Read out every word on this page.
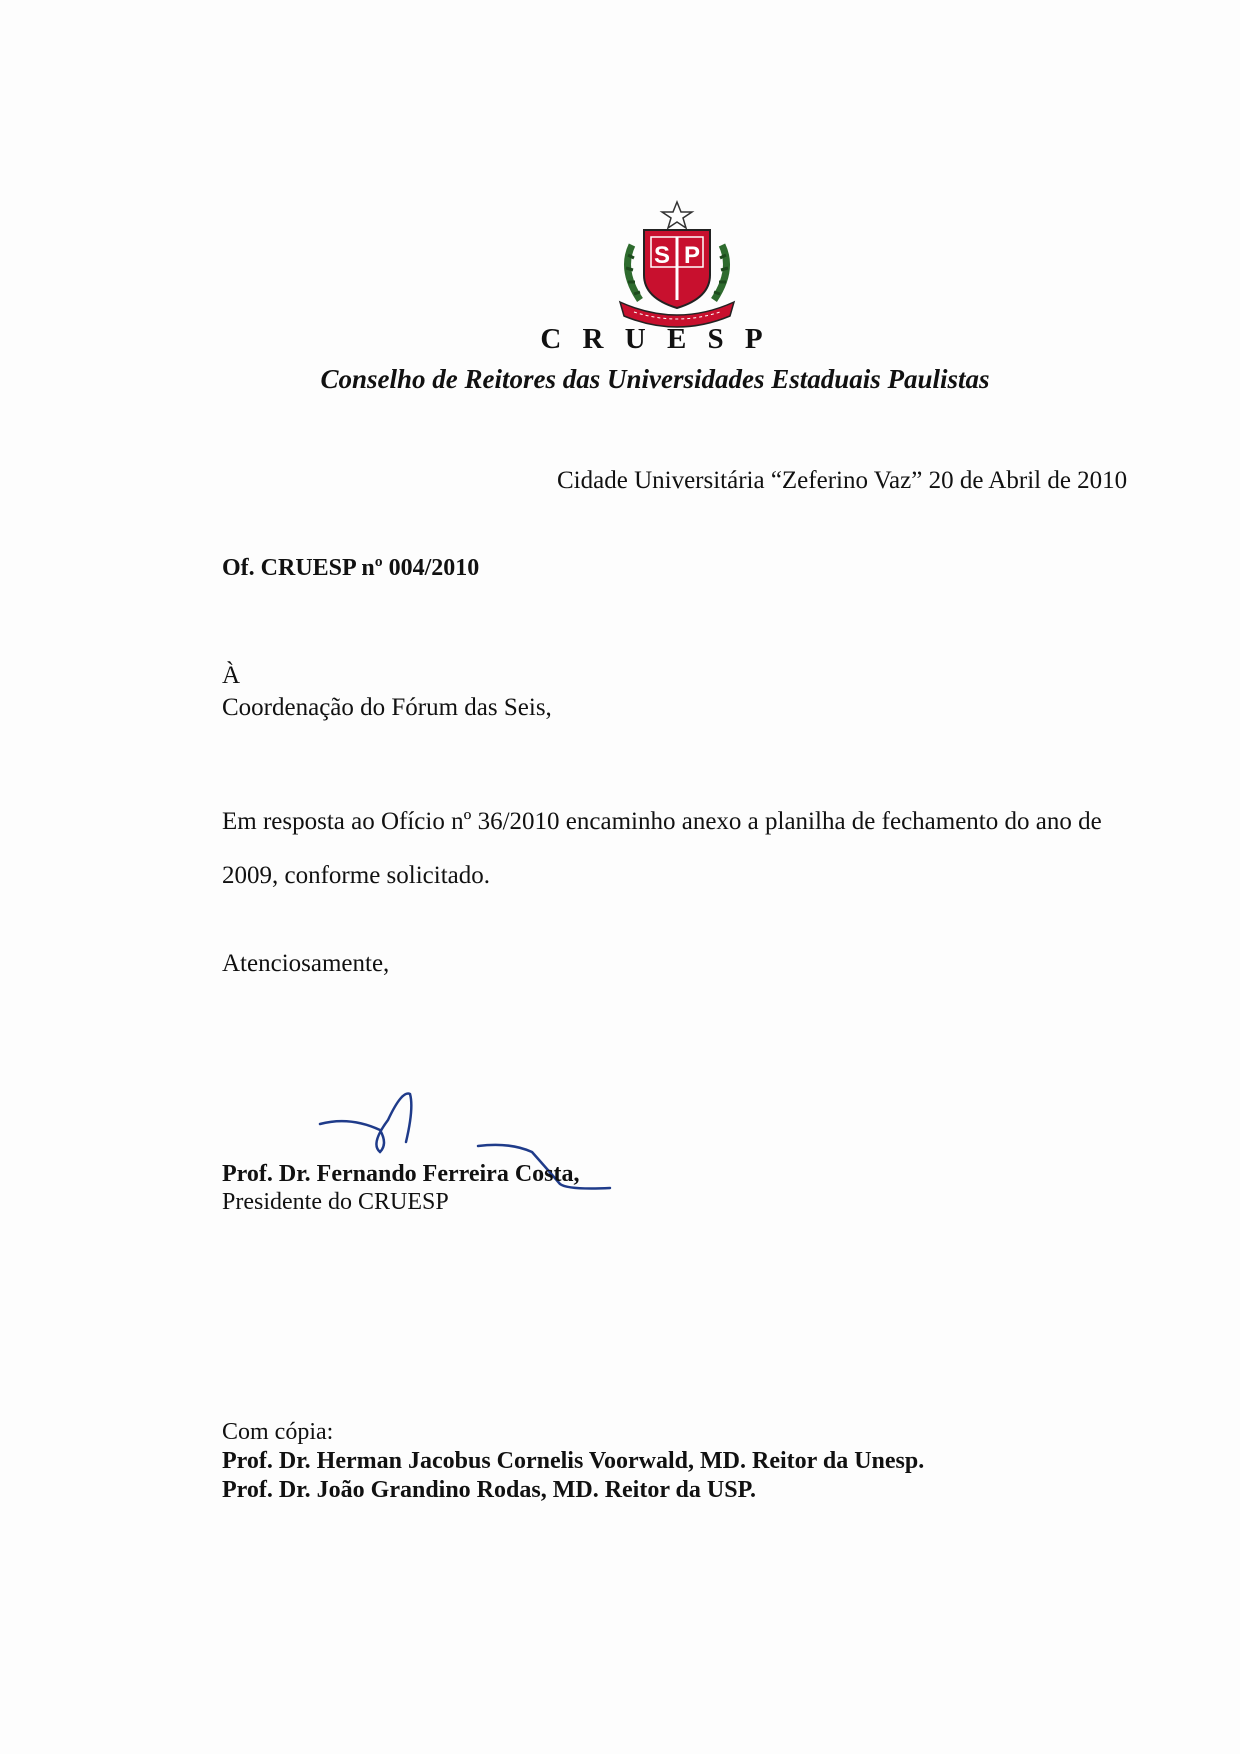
S P
C R U E S P
Conselho de Reitores das Universidades Estaduais Paulistas
Cidade Universitária “Zeferino Vaz” 20 de Abril de 2010
Of. CRUESP nº 004/2010
À
Coordenação do Fórum das Seis,
Em resposta ao Ofício nº 36/2010 encaminho anexo a planilha de fechamento do ano de 2009, conforme solicitado.
Atenciosamente,
Prof. Dr. Fernando Ferreira Costa,
Presidente do CRUESP
Com cópia:
Prof. Dr. Herman Jacobus Cornelis Voorwald, MD. Reitor da Unesp.
Prof. Dr. João Grandino Rodas, MD. Reitor da USP.
